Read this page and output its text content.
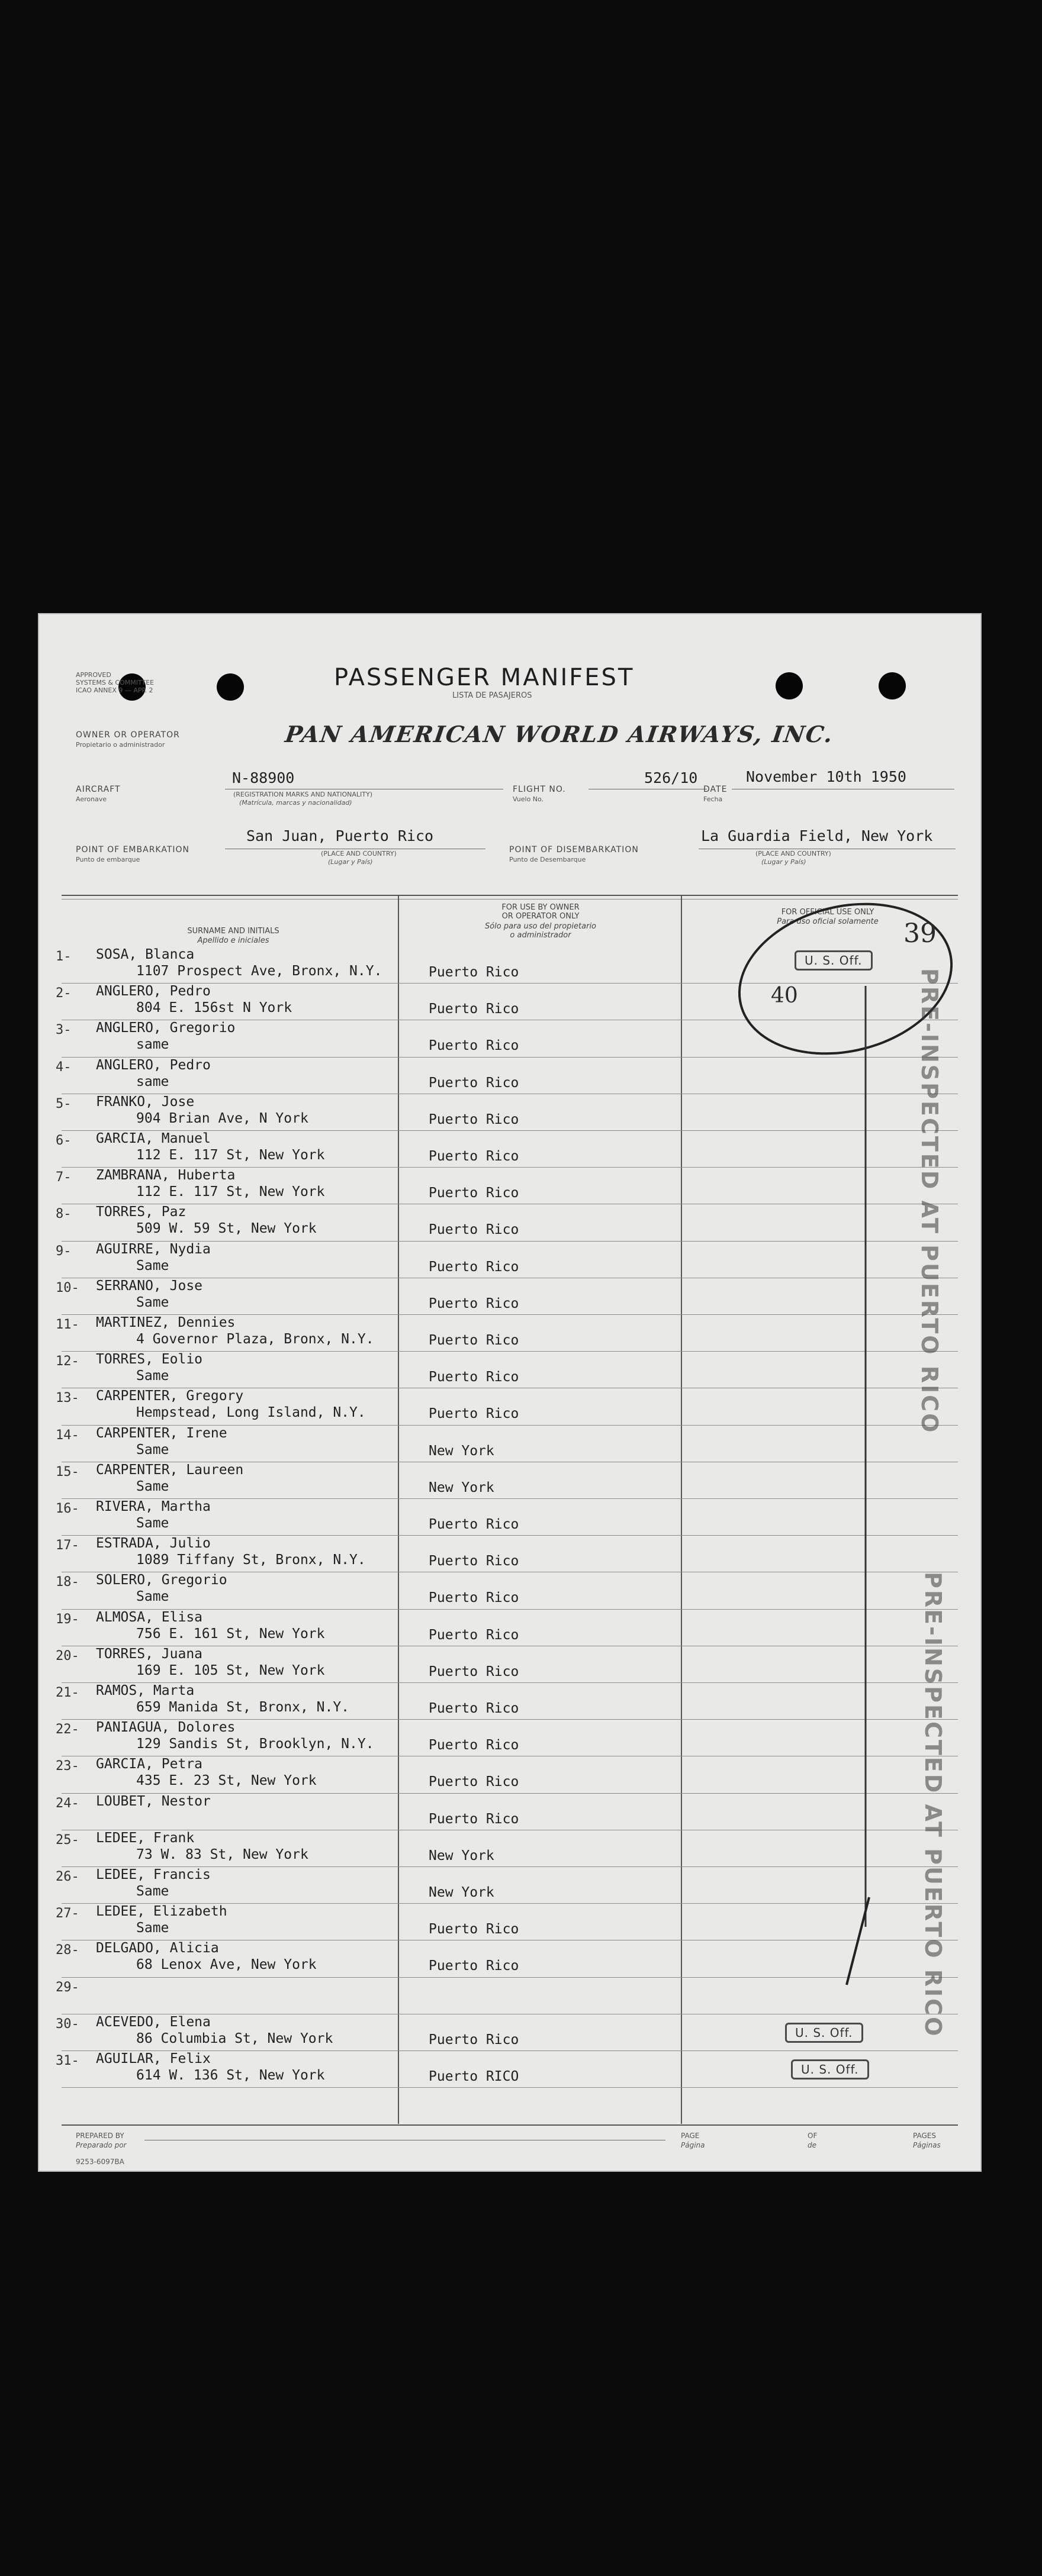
APPROVED
SYSTEMS & COMMITTEE
ICAO ANNEX 9 — APP. 2	PASSENGER MANIFEST
LISTA DE PASAJEROS
OWNER OR OPERATOR
Propietario o administrador	PAN AMERICAN WORLD AIRWAYS, INC.
AIRCRAFT
Aeronave
N-88900
(REGISTRATION MARKS AND NATIONALITY)
(Matrícula, marcas y nacionalidad)
FLIGHT NO.
Vuelo No.
526/10
DATE
Fecha
November 10th 1950
POINT OF EMBARKATION
Punto de embarque
San Juan, Puerto Rico
(PLACE AND COUNTRY)
(Lugar y País)
POINT OF DISEMBARKATION
Punto de Desembarque
La Guardia Field, New York
(PLACE AND COUNTRY)
(Lugar y País)
SURNAME AND INITIALS
Apellido e iniciales
FOR USE BY OWNER
OR OPERATOR ONLY
Sólo para uso del propietario
o administrador
FOR OFFICIAL USE ONLY
Para uso oficial solamente
1- SOSA, Blanca
1107 Prospect Ave, Bronx, N.Y.	Puerto Rico
2- ANGLERO, Pedro
804 E. 156st N York	Puerto Rico
3- ANGLERO, Gregorio
same	Puerto Rico
4- ANGLERO, Pedro
same	Puerto Rico
5- FRANKO, Jose
904 Brian Ave, N York	Puerto Rico
6- GARCIA, Manuel
112 E. 117 St, New York	Puerto Rico
7- ZAMBRANA, Huberta
112 E. 117 St, New York	Puerto Rico
8- TORRES, Paz
509 W. 59 St, New York	Puerto Rico
9- AGUIRRE, Nydia
Same	Puerto Rico
10- SERRANO, Jose
Same	Puerto Rico
11- MARTINEZ, Dennies
4 Governor Plaza, Bronx, N.Y.	Puerto Rico
12- TORRES, Eolio
Same	Puerto Rico
13- CARPENTER, Gregory
Hempstead, Long Island, N.Y.	Puerto Rico
14- CARPENTER, Irene
Same	New York
15- CARPENTER, Laureen
Same	New York
16- RIVERA, Martha
Same	Puerto Rico
17- ESTRADA, Julio
1089 Tiffany St, Bronx, N.Y.	Puerto Rico
18- SOLERO, Gregorio
Same	Puerto Rico
19- ALMOSA, Elisa
756 E. 161 St, New York	Puerto Rico
20- TORRES, Juana
169 E. 105 St, New York	Puerto Rico
21- RAMOS, Marta
659 Manida St, Bronx, N.Y.	Puerto Rico
22- PANIAGUA, Dolores
129 Sandis St, Brooklyn, N.Y.	Puerto Rico
23- GARCIA, Petra
435 E. 23 St, New York	Puerto Rico
24- LOUBET, Nestor
Puerto Rico
25- LEDEE, Frank
73 W. 83 St, New York	New York
26- LEDEE, Francis
Same	New York
27- LEDEE, Elizabeth
Same	Puerto Rico
28- DELGADO, Alicia
68 Lenox Ave, New York	Puerto Rico
29-
30- ACEVEDO, Elena
86 Columbia St, New York	Puerto Rico
31- AGUILAR, Felix
614 W. 136 St, New York	Puerto RICO
U. S. Off.
39
40	PRE-INSPECTED AT PUERTO RICO
PRE-INSPECTED AT PUERTO RICO
U. S. Off.
U. S. Off.
PREPARED BY
Preparado por
PAGE
Página
OF
de
PAGES
Páginas
9253-6097BA
